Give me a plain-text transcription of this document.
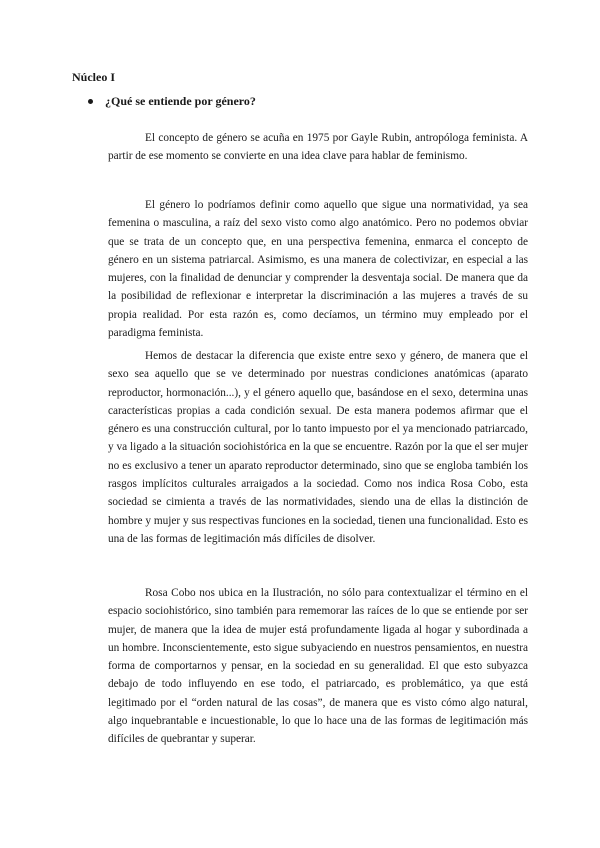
Núcleo I
¿Qué se entiende por género?

El concepto de género se acuña en 1975 por Gayle Rubin, antropóloga feminista. A partir de ese momento se convierte en una idea clave para hablar de feminismo.

El género lo podríamos definir como aquello que sigue una normatividad, ya sea femenina o masculina, a raíz del sexo visto como algo anatómico. Pero no podemos obviar que se trata de un concepto que, en una perspectiva femenina, enmarca el concepto de género en un sistema patriarcal. Asimismo, es una manera de colectivizar, en especial a las mujeres, con la finalidad de denunciar y comprender la desventaja social. De manera que da la posibilidad de reflexionar e interpretar la discriminación a las mujeres a través de su propia realidad. Por esta razón es, como decíamos, un término muy empleado por el paradigma feminista.

Hemos de destacar la diferencia que existe entre sexo y género, de manera que el sexo sea aquello que se ve determinado por nuestras condiciones anatómicas (aparato reproductor, hormonación...), y el género aquello que, basándose en el sexo, determina unas características propias a cada condición sexual. De esta manera podemos afirmar que el género es una construcción cultural, por lo tanto impuesto por el ya mencionado patriarcado, y va ligado a la situación sociohistórica en la que se encuentre. Razón por la que el ser mujer no es exclusivo a tener un aparato reproductor determinado, sino que se engloba también los rasgos implícitos culturales arraigados a la sociedad. Como nos indica Rosa Cobo, esta sociedad se cimienta a través de las normatividades, siendo una de ellas la distinción de hombre y mujer y sus respectivas funciones en la sociedad, tienen una funcionalidad. Esto es una de las formas de legitimación más difíciles de disolver.

Rosa Cobo nos ubica en la Ilustración, no sólo para contextualizar el término en el espacio sociohistórico, sino también para rememorar las raíces de lo que se entiende por ser mujer, de manera que la idea de mujer está profundamente ligada al hogar y subordinada a un hombre. Inconscientemente, esto sigue subyaciendo en nuestros pensamientos, en nuestra forma de comportarnos y pensar, en la sociedad en su generalidad. El que esto subyazca debajo de todo influyendo en ese todo, el patriarcado, es problemático, ya que está legitimado por el “orden natural de las cosas”, de manera que es visto cómo algo natural, algo inquebrantable e incuestionable, lo que lo hace una de las formas de legitimación más difíciles de quebrantar y superar.
